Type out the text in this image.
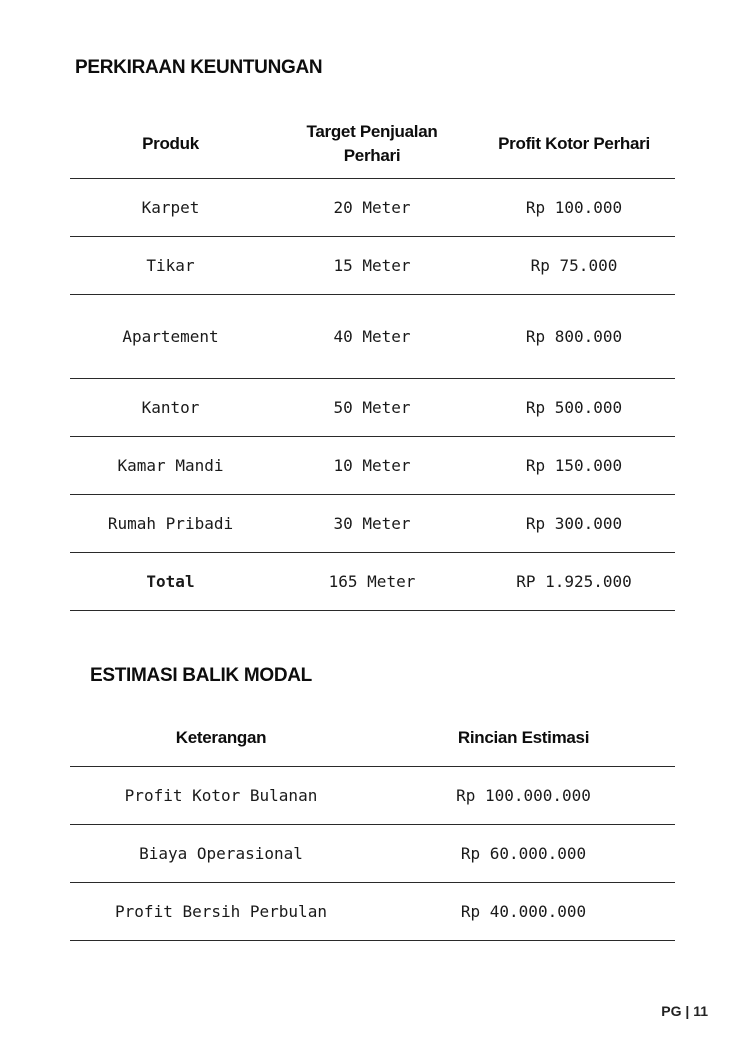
PERKIRAAN KEUNTUNGAN
Produk	Target Penjualan Perhari	Profit Kotor Perhari
Karpet	20 Meter	Rp 100.000
Tikar	15 Meter	Rp 75.000
Apartement	40 Meter	Rp 800.000
Kantor	50 Meter	Rp 500.000
Kamar Mandi	10 Meter	Rp 150.000
Rumah Pribadi	30 Meter	Rp 300.000
Total	165 Meter	RP 1.925.000
ESTIMASI BALIK MODAL
Keterangan	Rincian Estimasi
Profit Kotor Bulanan	Rp 100.000.000
Biaya Operasional	Rp 60.000.000
Profit Bersih Perbulan	Rp 40.000.000
PG | 11
